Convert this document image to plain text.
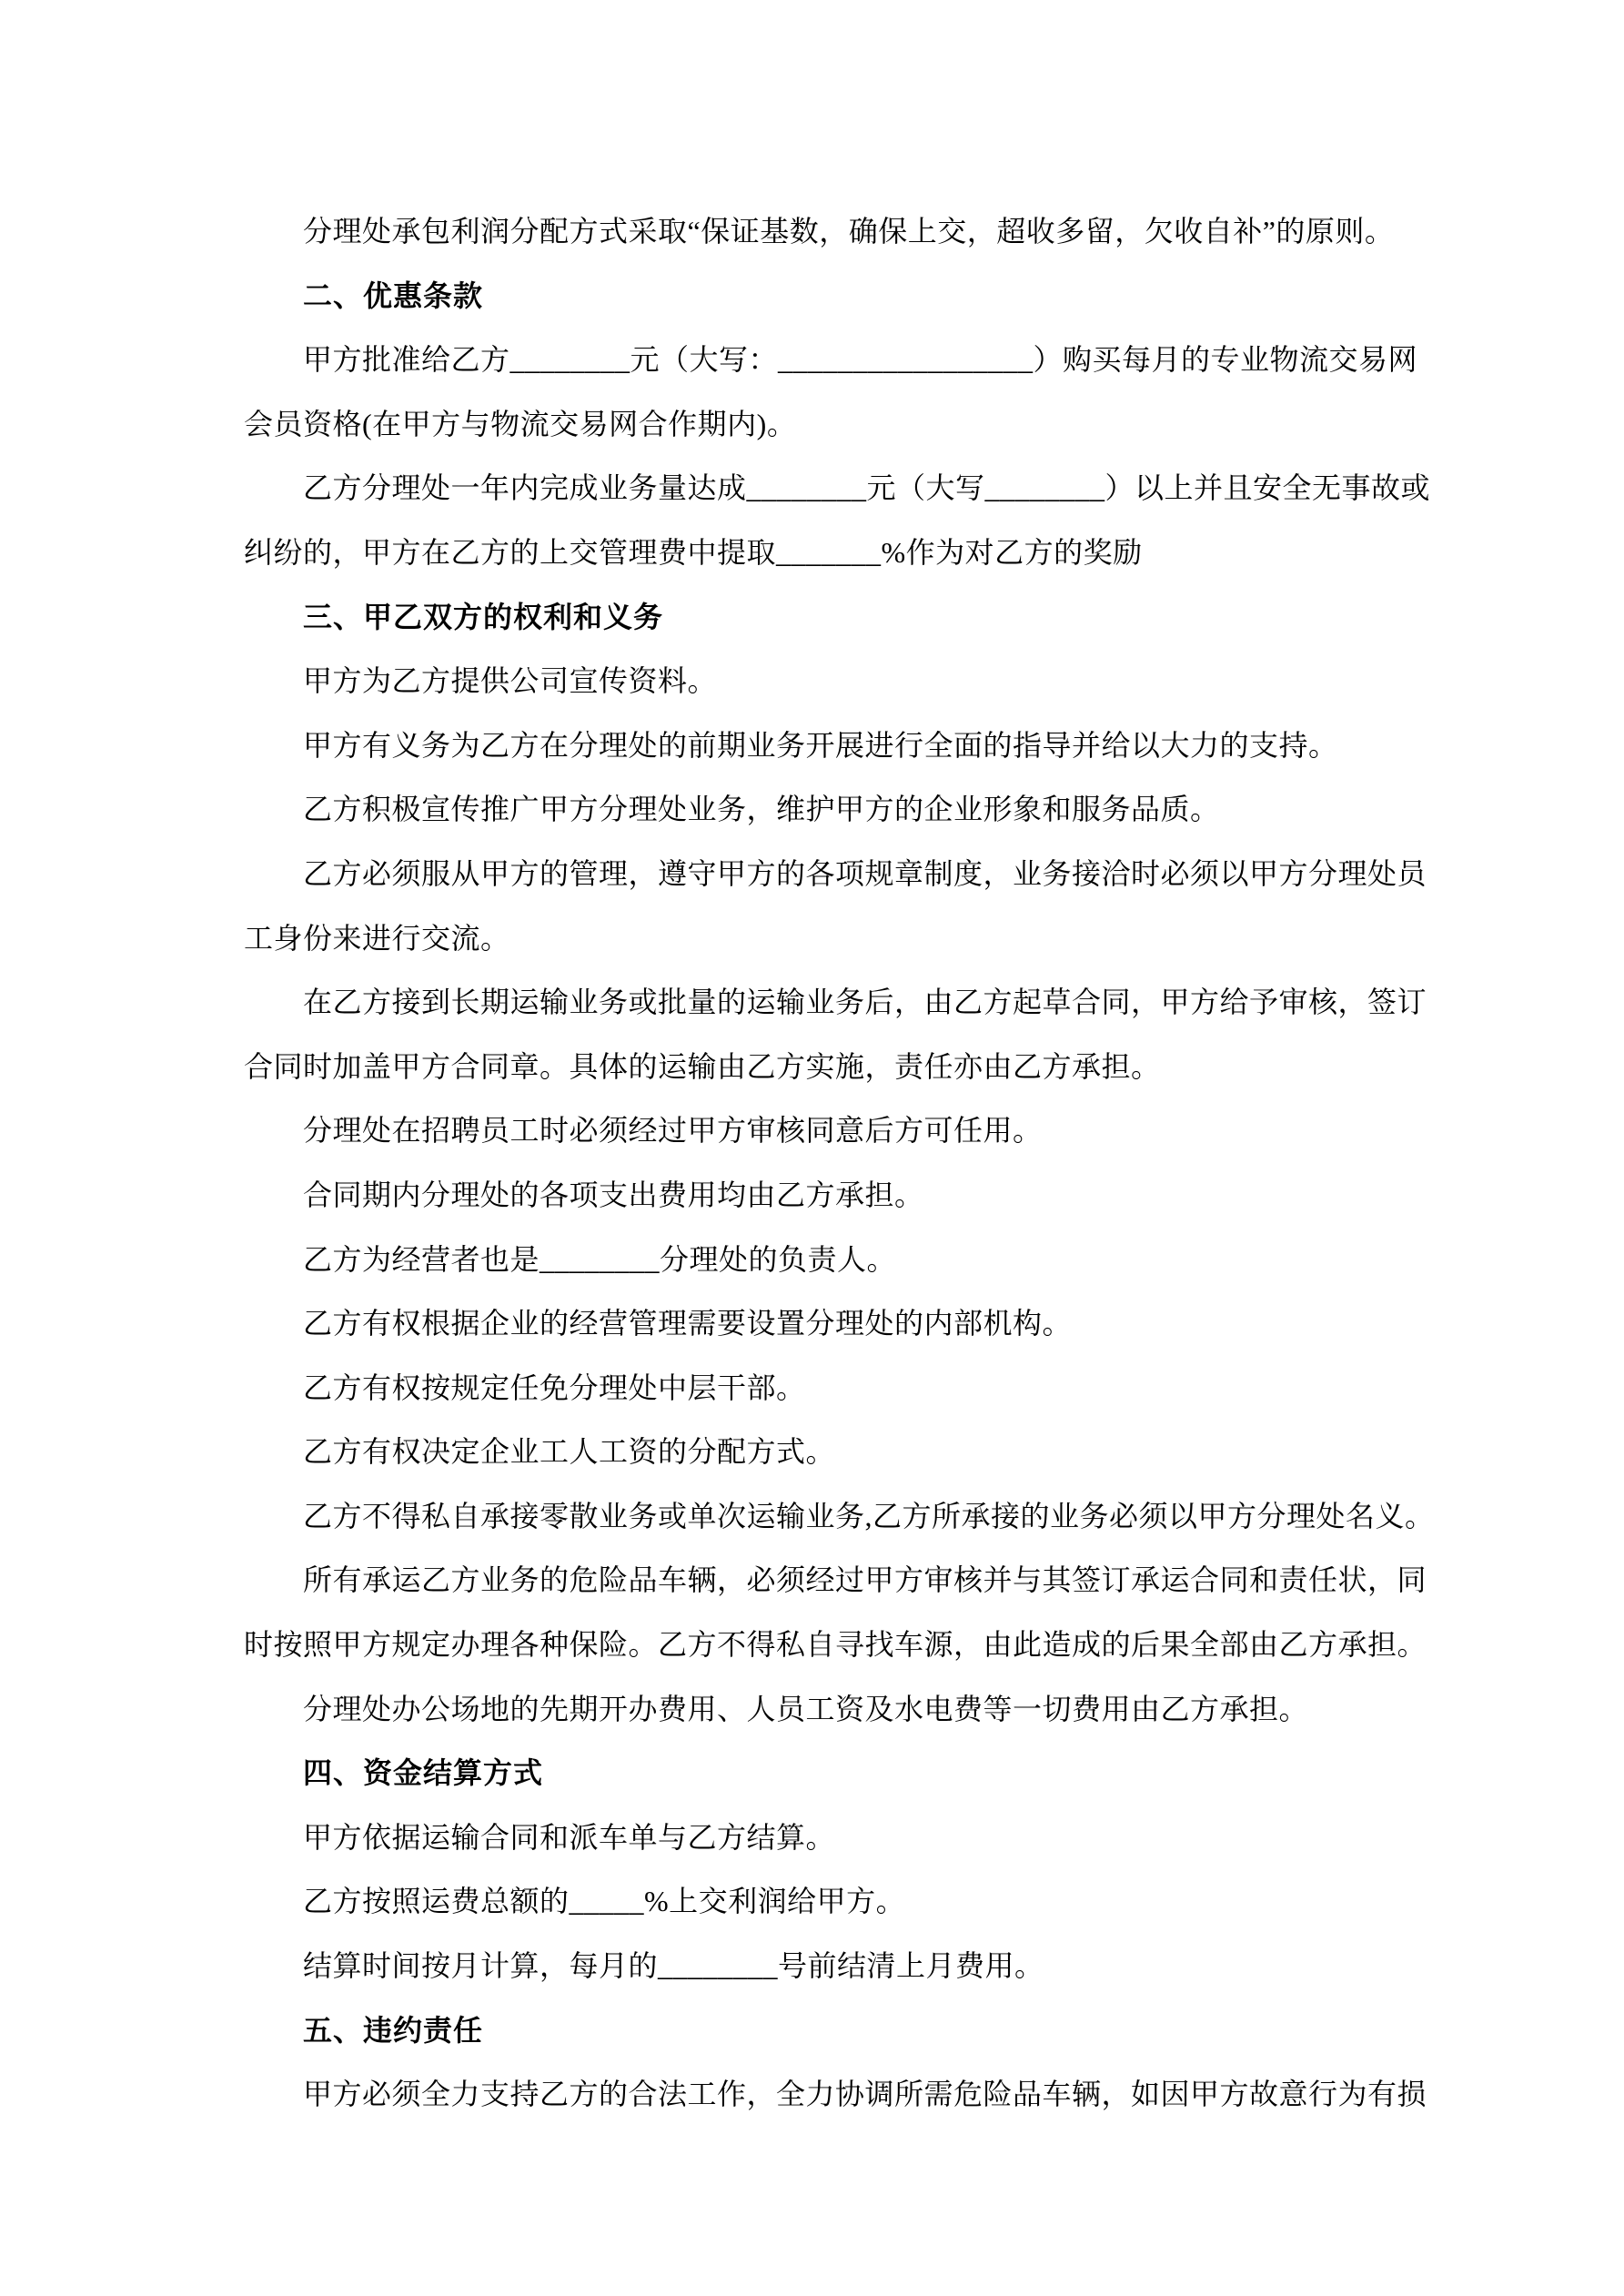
分理处承包利润分配方式采取“保证基数，确保上交，超收多留，欠收自补”的原则。
二、优惠条款
甲方批准给乙方________元（大写：_________________）购买每月的专业物流交易网
会员资格(在甲方与物流交易网合作期内)。
乙方分理处一年内完成业务量达成________元（大写________）以上并且安全无事故或
纠纷的，甲方在乙方的上交管理费中提取_______%作为对乙方的奖励
三、甲乙双方的权利和义务
甲方为乙方提供公司宣传资料。
甲方有义务为乙方在分理处的前期业务开展进行全面的指导并给以大力的支持。
乙方积极宣传推广甲方分理处业务，维护甲方的企业形象和服务品质。
乙方必须服从甲方的管理，遵守甲方的各项规章制度，业务接洽时必须以甲方分理处员
工身份来进行交流。
在乙方接到长期运输业务或批量的运输业务后，由乙方起草合同，甲方给予审核，签订
合同时加盖甲方合同章。具体的运输由乙方实施，责任亦由乙方承担。
分理处在招聘员工时必须经过甲方审核同意后方可任用。
合同期内分理处的各项支出费用均由乙方承担。
乙方为经营者也是________分理处的负责人。
乙方有权根据企业的经营管理需要设置分理处的内部机构。
乙方有权按规定任免分理处中层干部。
乙方有权决定企业工人工资的分配方式。
乙方不得私自承接零散业务或单次运输业务,乙方所承接的业务必须以甲方分理处名义。
所有承运乙方业务的危险品车辆，必须经过甲方审核并与其签订承运合同和责任状，同
时按照甲方规定办理各种保险。乙方不得私自寻找车源，由此造成的后果全部由乙方承担。
分理处办公场地的先期开办费用、人员工资及水电费等一切费用由乙方承担。
四、资金结算方式
甲方依据运输合同和派车单与乙方结算。
乙方按照运费总额的_____%上交利润给甲方。
结算时间按月计算，每月的________号前结清上月费用。
五、违约责任
甲方必须全力支持乙方的合法工作，全力协调所需危险品车辆，如因甲方故意行为有损
